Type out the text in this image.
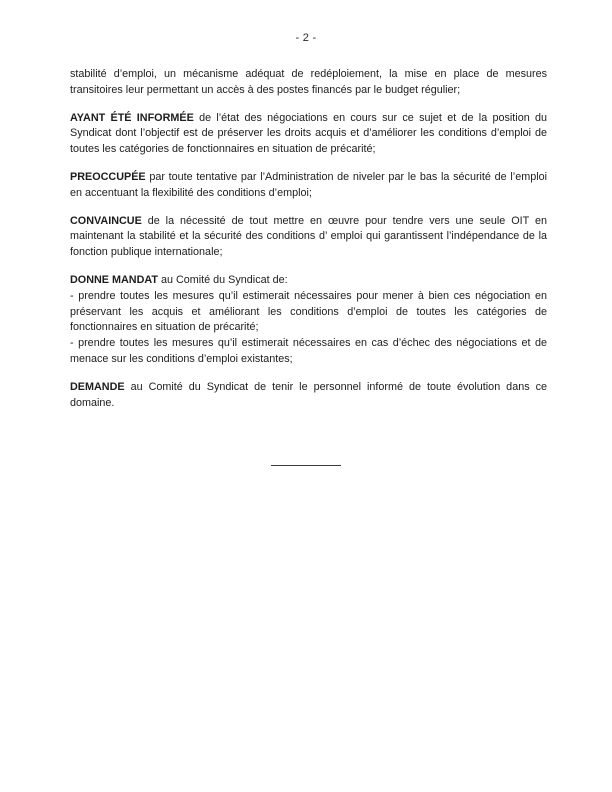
- 2 -

stabilité d’emploi, un mécanisme adéquat de redéploiement, la mise en place de mesures transitoires leur permettant un accès à des postes financés par le budget régulier;

AYANT ÉTÉ INFORMÉE de l’état des négociations en cours sur ce sujet et de la position du Syndicat dont l’objectif est de préserver les droits acquis et d’améliorer les conditions d’emploi de toutes les catégories de fonctionnaires en situation de précarité;

PREOCCUPÉE par toute tentative par l’Administration de niveler par le bas la sécurité de l’emploi en accentuant la flexibilité des conditions d’emploi;

CONVAINCUE de la nécessité de tout mettre en œuvre pour tendre vers une seule OIT en maintenant la stabilité et la sécurité des conditions d’ emploi qui garantissent l’indépendance de la fonction publique internationale;

DONNE MANDAT au Comité du Syndicat de:
- prendre toutes les mesures qu’il estimerait nécessaires pour mener à bien ces négociation en préservant les acquis et améliorant les conditions d’emploi de toutes les catégories de fonctionnaires en situation de précarité;
- prendre toutes les mesures qu’il estimerait nécessaires en cas d’échec des négociations et de menace sur les conditions d’emploi existantes;

DEMANDE au Comité du Syndicat de tenir le personnel informé de toute évolution dans ce domaine.
